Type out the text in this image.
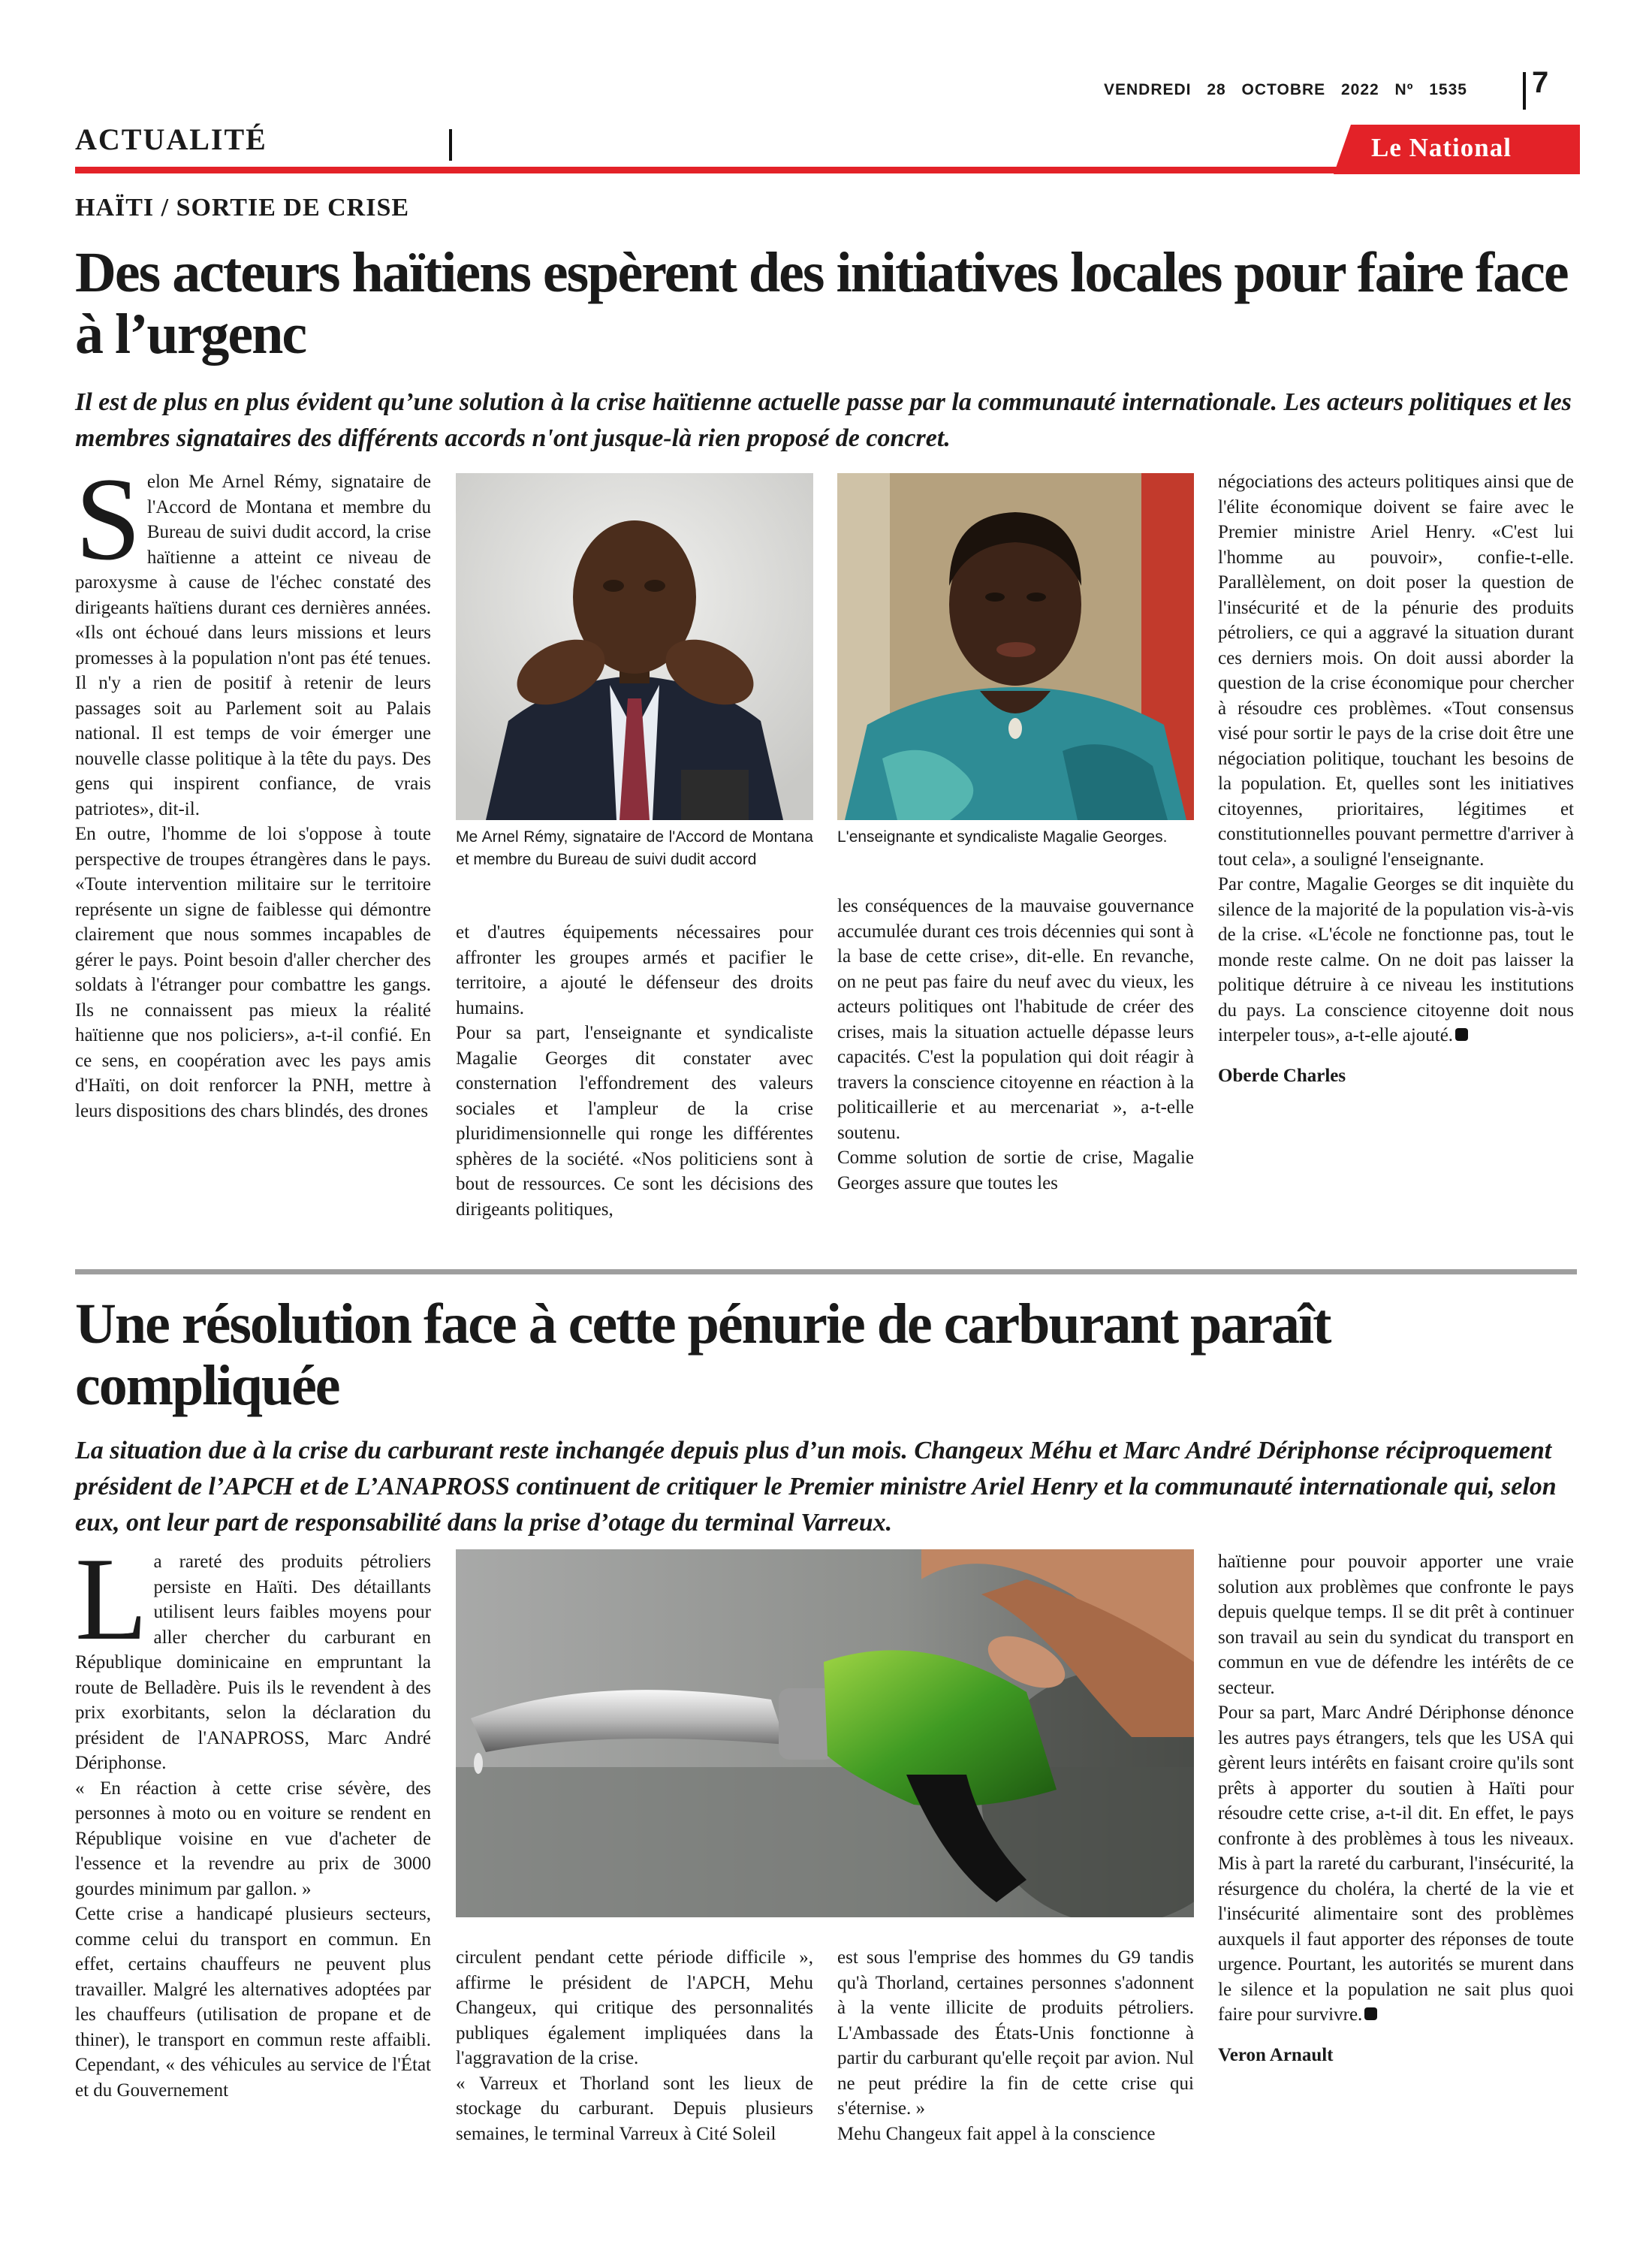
VENDREDI 28 OCTOBRE 2022 Nº 1535 7
ACTUALITÉ	Le National
HAÏTI / SORTIE DE CRISE
Des acteurs haïtiens espèrent des initiatives locales pour faire face à l’urgenc

Il est de plus en plus évident qu’une solution à la crise haïtienne actuelle passe par la communauté internationale. Les acteurs politiques et les membres signataires des différents accords n'ont jusque-là rien proposé de concret.

S elon Me Arnel Rémy, signataire de l'Accord de Montana et membre du Bureau de suivi dudit accord, la crise haïtienne a atteint ce niveau de paroxysme à cause de l'échec constaté des dirigeants haïtiens durant ces dernières années. «Ils ont échoué dans leurs missions et leurs promesses à la population n'ont pas été tenues. Il n'y a rien de positif à retenir de leurs passages soit au Parlement soit au Palais national. Il est temps de voir émerger une nouvelle classe politique à la tête du pays. Des gens qui inspirent confiance, de vrais patriotes», dit-il.

En outre, l'homme de loi s'oppose à toute perspective de troupes étrangères dans le pays. «Toute intervention militaire sur le territoire représente un signe de faiblesse qui démontre clairement que nous sommes incapables de gérer le pays. Point besoin d'aller chercher des soldats à l'étranger pour combattre les gangs. Ils ne connaissent pas mieux la réalité haïtienne que nos policiers», a-t-il confié. En ce sens, en coopération avec les pays amis d'Haïti, on doit renforcer la PNH, mettre à leurs dispositions des chars blindés, des drones

Me Arnel Rémy, signataire de l'Accord de Montana et membre du Bureau de suivi dudit accord

et d'autres équipements nécessaires pour affronter les groupes armés et pacifier le territoire, a ajouté le défenseur des droits humains.

Pour sa part, l'enseignante et syndicaliste Magalie Georges dit constater avec consternation l'effondrement des valeurs sociales et l'ampleur de la crise pluridimensionnelle qui ronge les différentes sphères de la société. «Nos politiciens sont à bout de ressources. Ce sont les décisions des dirigeants politiques,

L'enseignante et syndicaliste Magalie Georges.

les conséquences de la mauvaise gouvernance accumulée durant ces trois décennies qui sont à la base de cette crise», dit-elle. En revanche, on ne peut pas faire du neuf avec du vieux, les acteurs politiques ont l'habitude de créer des crises, mais la situation actuelle dépasse leurs capacités. C'est la population qui doit réagir à travers la conscience citoyenne en réaction à la politicaillerie et au mercenariat », a-t-elle soutenu.

Comme solution de sortie de crise, Magalie Georges assure que toutes les

négociations des acteurs politiques ainsi que de l'élite économique doivent se faire avec le Premier ministre Ariel Henry. «C'est lui l'homme au pouvoir», confie-t-elle. Parallèlement, on doit poser la question de l'insécurité et de la pénurie des produits pétroliers, ce qui a aggravé la situation durant ces derniers mois. On doit aussi aborder la question de la crise économique pour chercher à résoudre ces problèmes. «Tout consensus visé pour sortir le pays de la crise doit être une négociation politique, touchant les besoins de la population. Et, quelles sont les initiatives citoyennes, prioritaires, légitimes et constitutionnelles pouvant permettre d'arriver à tout cela», a souligné l'enseignante.

Par contre, Magalie Georges se dit inquiète du silence de la majorité de la population vis-à-vis de la crise. «L'école ne fonctionne pas, tout le monde reste calme. On ne doit pas laisser la politique détruire à ce niveau les institutions du pays. La conscience citoyenne doit nous interpeler tous», a-t-elle ajouté.

Oberde Charles

Une résolution face à cette pénurie de carburant paraît compliquée

La situation due à la crise du carburant reste inchangée depuis plus d’un mois. Changeux Méhu et Marc André Dériphonse réciproquement président de l’APCH et de L’ANAPROSS continuent de critiquer le Premier ministre Ariel Henry et la communauté internationale qui, selon eux, ont leur part de responsabilité dans la prise d’otage du terminal Varreux.

L a rareté des produits pétroliers persiste en Haïti. Des détaillants utilisent leurs faibles moyens pour aller chercher du carburant en République dominicaine en empruntant la route de Belladère. Puis ils le revendent à des prix exorbitants, selon la déclaration du président de l'ANAPROSS, Marc André Dériphonse.

« En réaction à cette crise sévère, des personnes à moto ou en voiture se rendent en République voisine en vue d'acheter de l'essence et la revendre au prix de 3000 gourdes minimum par gallon. »

Cette crise a handicapé plusieurs secteurs, comme celui du transport en commun. En effet, certains chauffeurs ne peuvent plus travailler. Malgré les alternatives adoptées par les chauffeurs (utilisation de propane et de thiner), le transport en commun reste affaibli. Cependant, « des véhicules au service de l'État et du Gouvernement

circulent pendant cette période difficile », affirme le président de l'APCH, Mehu Changeux, qui critique des personnalités publiques également impliquées dans la l'aggravation de la crise.

« Varreux et Thorland sont les lieux de stockage du carburant. Depuis plusieurs semaines, le terminal Varreux à Cité Soleil

est sous l'emprise des hommes du G9 tandis qu'à Thorland, certaines personnes s'adonnent à la vente illicite de produits pétroliers. L'Ambassade des États-Unis fonctionne à partir du carburant qu'elle reçoit par avion. Nul ne peut prédire la fin de cette crise qui s'éternise. »

Mehu Changeux fait appel à la conscience

haïtienne pour pouvoir apporter une vraie solution aux problèmes que confronte le pays depuis quelque temps. Il se dit prêt à continuer son travail au sein du syndicat du transport en commun en vue de défendre les intérêts de ce secteur.

Pour sa part, Marc André Dériphonse dénonce les autres pays étrangers, tels que les USA qui gèrent leurs intérêts en faisant croire qu'ils sont prêts à apporter du soutien à Haïti pour résoudre cette crise, a-t-il dit. En effet, le pays confronte à des problèmes à tous les niveaux. Mis à part la rareté du carburant, l'insécurité, la résurgence du choléra, la cherté de la vie et l'insécurité alimentaire sont des problèmes auxquels il faut apporter des réponses de toute urgence. Pourtant, les autorités se murent dans le silence et la population ne sait plus quoi faire pour survivre.

Veron Arnault
